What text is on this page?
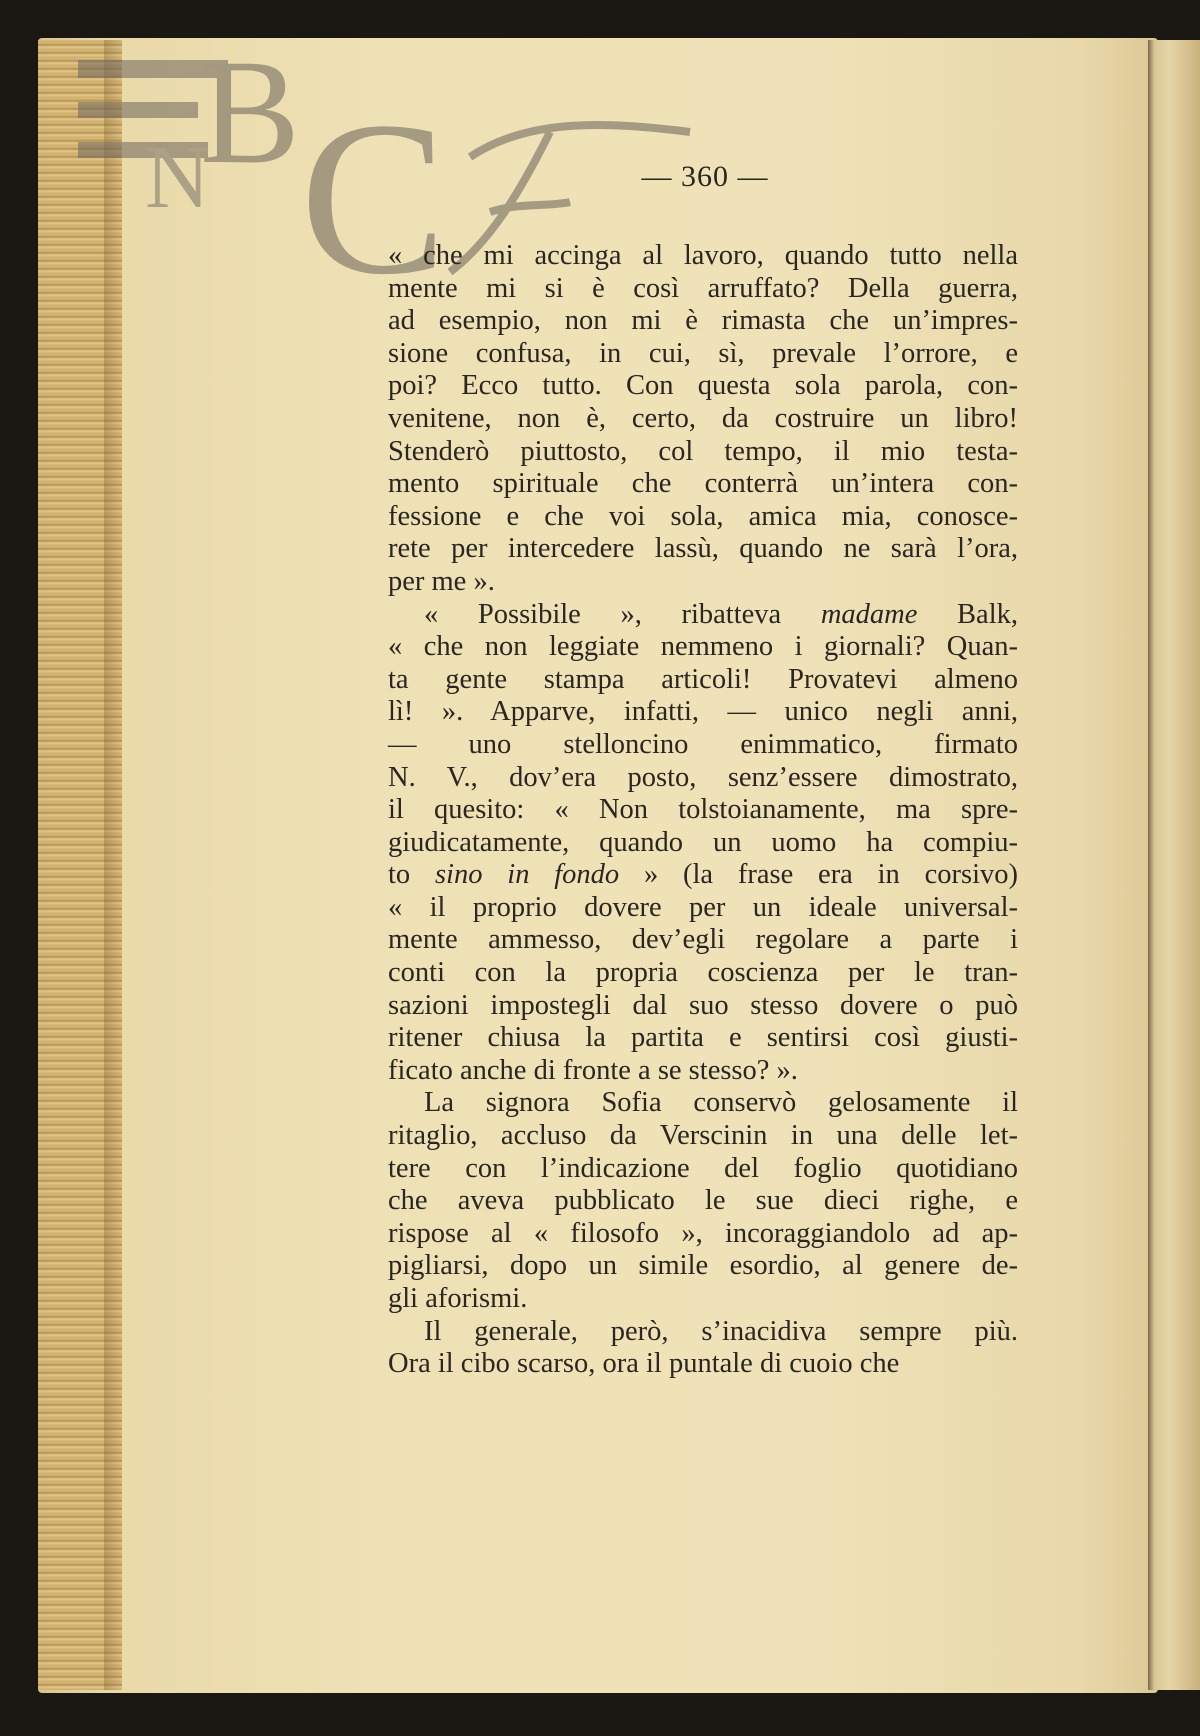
B
N C	— 360 —
« che mi accinga al lavoro, quando tutto nella
mente mi si è così arruffato? Della guerra,
ad esempio, non mi è rimasta che un’impres-
sione confusa, in cui, sì, prevale l’orrore, e
poi? Ecco tutto. Con questa sola parola, con-
venitene, non è, certo, da costruire un libro!
Stenderò piuttosto, col tempo, il mio testa-
mento spirituale che conterrà un’intera con-
fessione e che voi sola, amica mia, conosce-
rete per intercedere lassù, quando ne sarà l’ora,
per me ».
« Possibile », ribatteva madame Balk,
« che non leggiate nemmeno i giornali? Quan-
ta gente stampa articoli! Provatevi almeno
lì! ». Apparve, infatti, — unico negli anni,
— uno stelloncino enimmatico, firmato
N. V., dov’era posto, senz’essere dimostrato,
il quesito: « Non tolstoianamente, ma spre-
giudicatamente, quando un uomo ha compiu-
to sino in fondo » (la frase era in corsivo)
« il proprio dovere per un ideale universal-
mente ammesso, dev’egli regolare a parte i
conti con la propria coscienza per le tran-
sazioni impostegli dal suo stesso dovere o può
ritener chiusa la partita e sentirsi così giusti-
ficato anche di fronte a se stesso? ».
La signora Sofia conservò gelosamente il
ritaglio, accluso da Verscinin in una delle let-
tere con l’indicazione del foglio quotidiano
che aveva pubblicato le sue dieci righe, e
rispose al « filosofo », incoraggiandolo ad ap-
pigliarsi, dopo un simile esordio, al genere de-
gli aforismi.
Il generale, però, s’inacidiva sempre più.
Ora il cibo scarso, ora il puntale di cuoio che
